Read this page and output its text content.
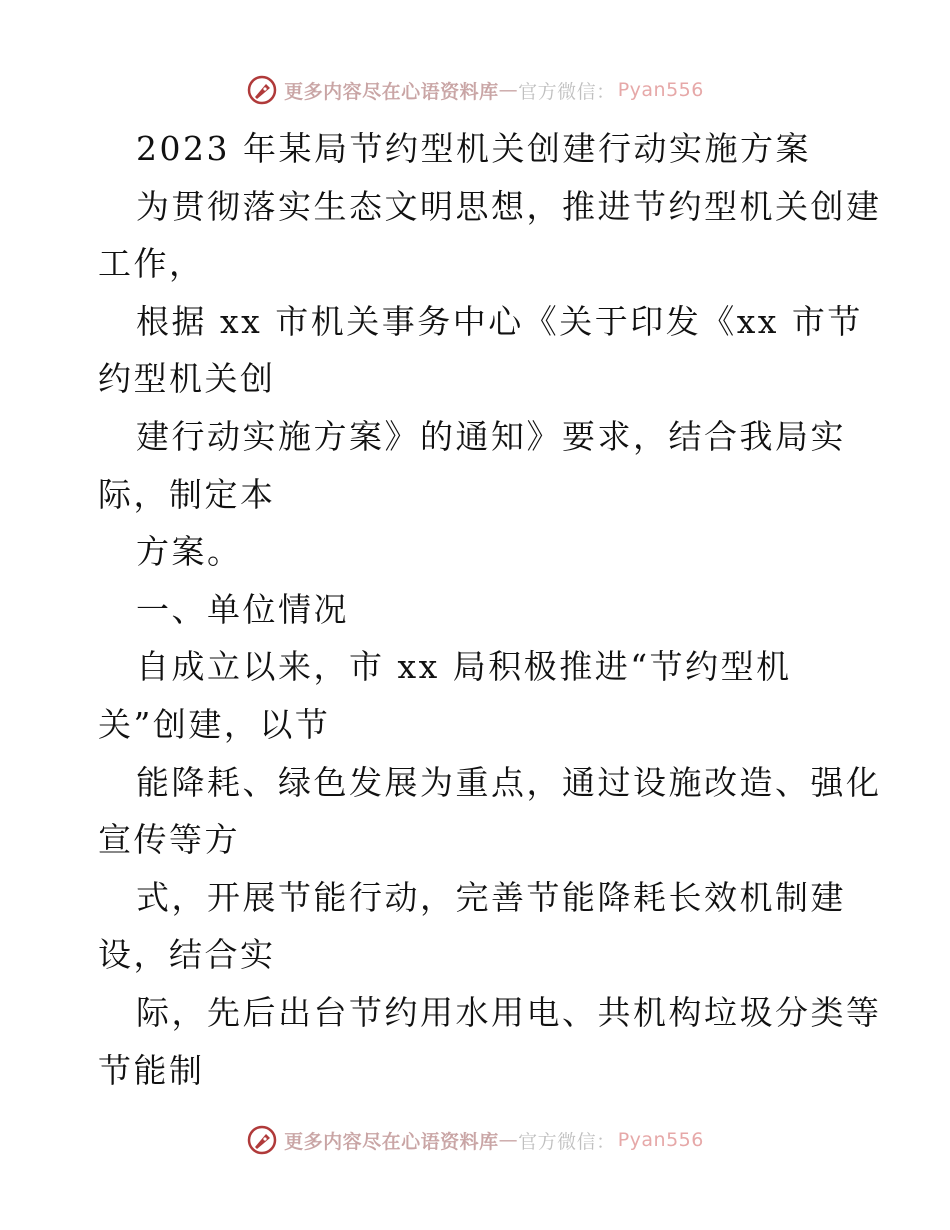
更多内容尽在心语资料库 — 官方微信： Pyan556
2023 年某局节约型机关创建行动实施方案
为贯彻落实生态文明思想，推进节约型机关创建
工作，
根据 xx 市机关事务中心《关于印发《xx 市节
约型机关创
建行动实施方案》的通知》要求，结合我局实
际，制定本
方案。
一、单位情况
自成立以来，市 xx 局积极推进“节约型机
关”创建，以节
能降耗、绿色发展为重点，通过设施改造、强化
宣传等方
式，开展节能行动，完善节能降耗长效机制建
设，结合实
际，先后出台节约用水用电、共机构垃圾分类等
节能制
更多内容尽在心语资料库 — 官方微信： Pyan556
